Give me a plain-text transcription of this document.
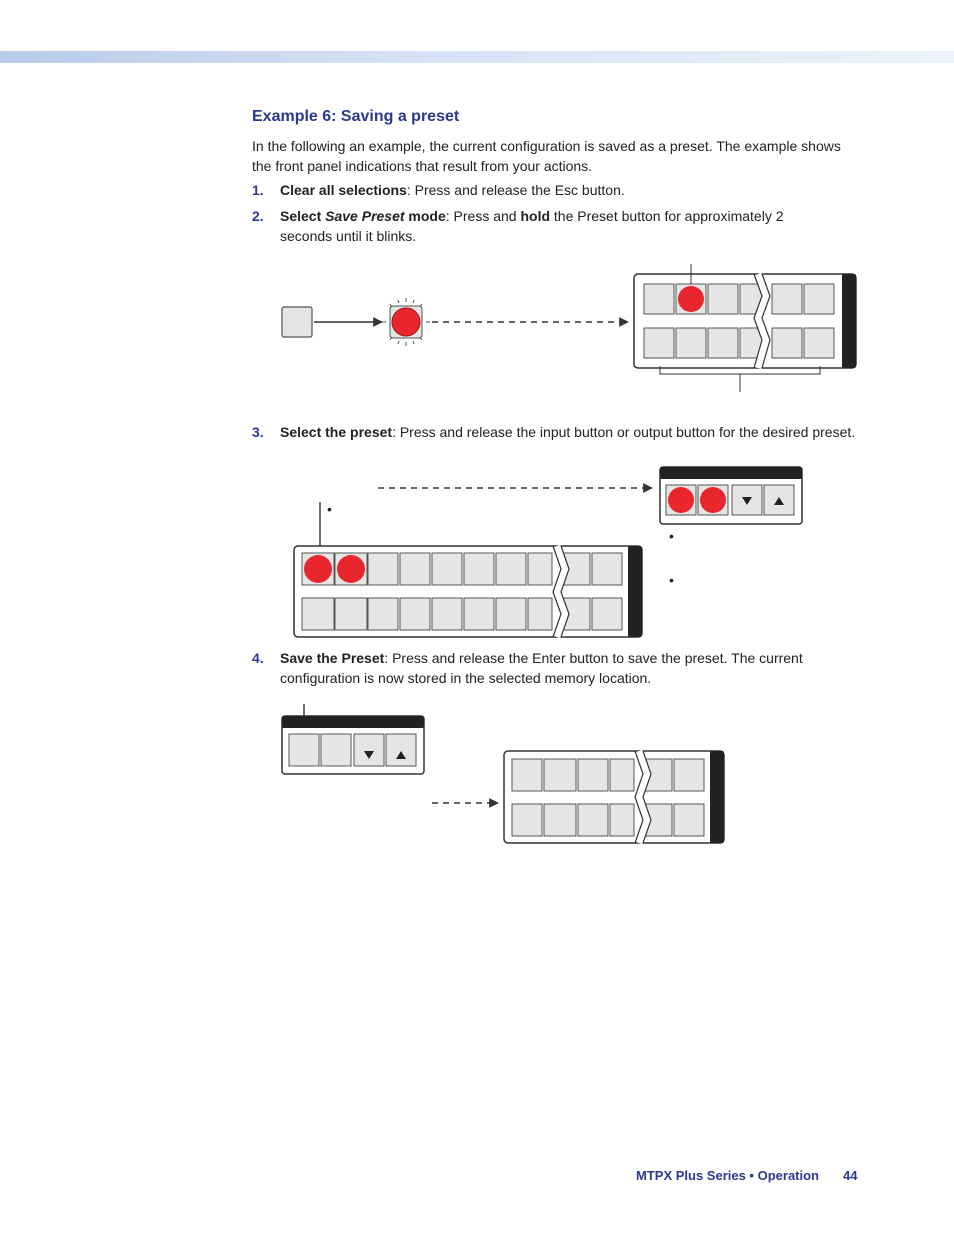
Example 6: Saving a preset
In the following an example, the current configuration is saved as a preset. The example shows the front panel indications that result from your actions.
1. Clear all selections: Press and release the Esc button.
2. Select Save Preset mode: Press and hold the Preset button for approximately 2 seconds until it blinks.
3. Select the preset: Press and release the input button or output button for the desired preset.
4. Save the Preset: Press and release the Enter button to save the preset. The current configuration is now stored in the selected memory location.
•
•
•
MTPX Plus Series • Operation 44
